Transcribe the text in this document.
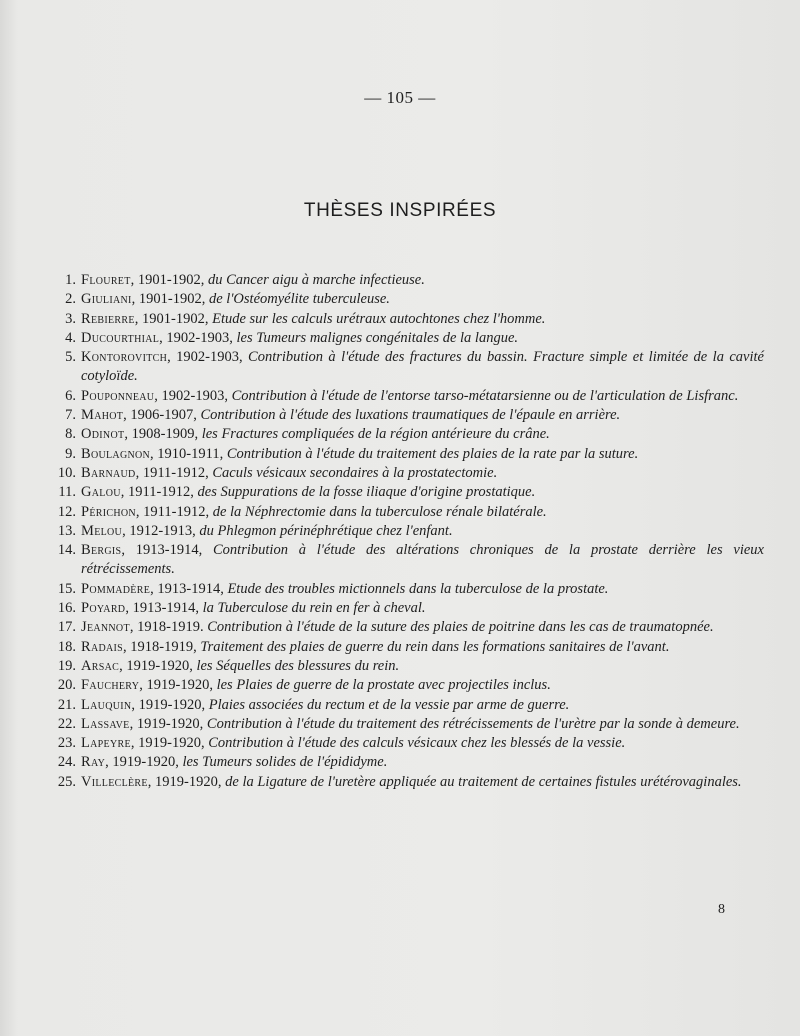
— 105 —
THÈSES INSPIRÉES
1. Flouret, 1901-1902, du Cancer aigu à marche infectieuse.
2. Giuliani, 1901-1902, de l'Ostéomyélite tuberculeuse.
3. Rebierre, 1901-1902, Etude sur les calculs urétraux autochtones chez l'homme.
4. Ducourthial, 1902-1903, les Tumeurs malignes congénitales de la langue.
5. Kontorovitch, 1902-1903, Contribution à l'étude des fractures du bassin. Fracture simple et limitée de la cavité cotyloïde.
6. Pouponneau, 1902-1903, Contribution à l'étude de l'entorse tarso-métatarsienne ou de l'articulation de Lisfranc.
7. Mahot, 1906-1907, Contribution à l'étude des luxations traumatiques de l'épaule en arrière.
8. Odinot, 1908-1909, les Fractures compliquées de la région antérieure du crâne.
9. Boulagnon, 1910-1911, Contribution à l'étude du traitement des plaies de la rate par la suture.
10. Barnaud, 1911-1912, Caculs vésicaux secondaires à la prostatectomie.
11. Galou, 1911-1912, des Suppurations de la fosse iliaque d'origine prostatique.
12. Périchon, 1911-1912, de la Néphrectomie dans la tuberculose rénale bilatérale.
13. Melou, 1912-1913, du Phlegmon périnéphrétique chez l'enfant.
14. Bergis, 1913-1914, Contribution à l'étude des altérations chroniques de la prostate derrière les vieux rétrécissements.
15. Pommadère, 1913-1914, Etude des troubles mictionnels dans la tuberculose de la prostate.
16. Poyard, 1913-1914, la Tuberculose du rein en fer à cheval.
17. Jeannot, 1918-1919. Contribution à l'étude de la suture des plaies de poitrine dans les cas de traumatopnée.
18. Radais, 1918-1919, Traitement des plaies de guerre du rein dans les formations sanitaires de l'avant.
19. Arsac, 1919-1920, les Séquelles des blessures du rein.
20. Fauchery, 1919-1920, les Plaies de guerre de la prostate avec projectiles inclus.
21. Lauquin, 1919-1920, Plaies associées du rectum et de la vessie par arme de guerre.
22. Lassave, 1919-1920, Contribution à l'étude du traitement des rétrécissements de l'urètre par la sonde à demeure.
23. Lapeyre, 1919-1920, Contribution à l'étude des calculs vésicaux chez les blessés de la vessie.
24. Ray, 1919-1920, les Tumeurs solides de l'épididyme.
25. Villeclère, 1919-1920, de la Ligature de l'uretère appliquée au traitement de certaines fistules urétérovaginales.
8
